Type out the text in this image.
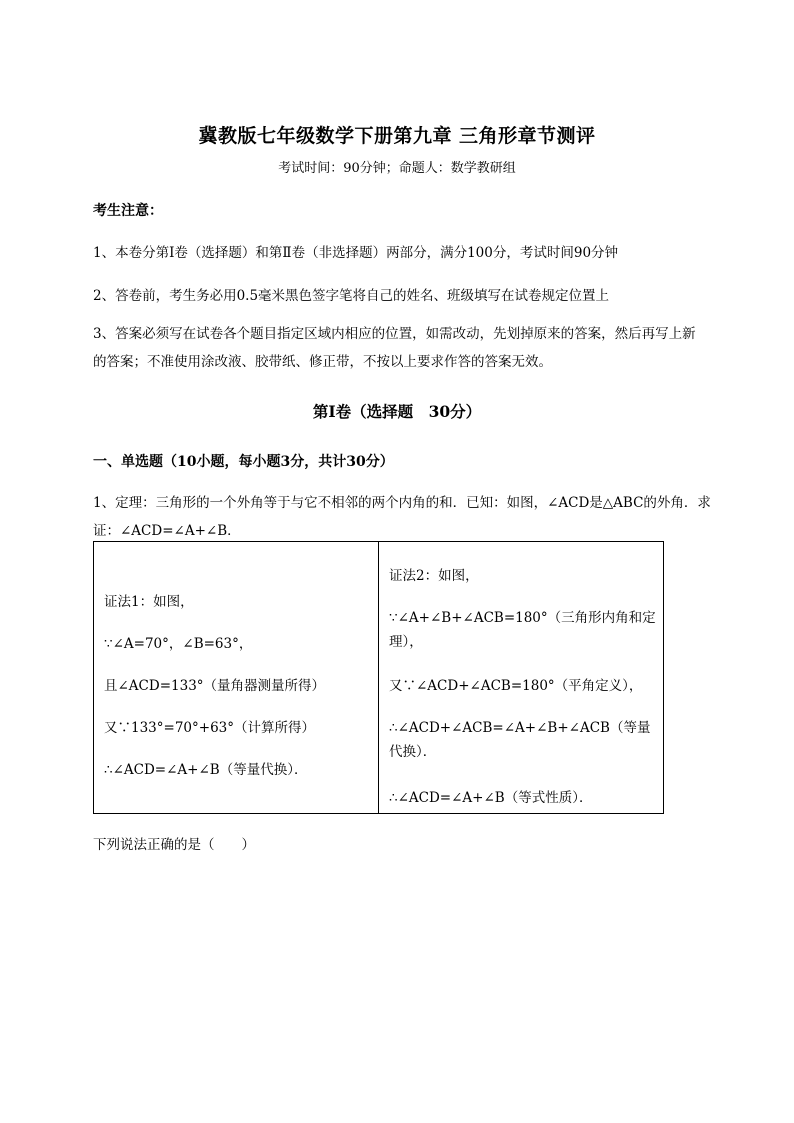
冀教版七年级数学下册第九章 三角形章节测评
考试时间：90分钟；命题人：数学教研组
考生注意：
1、本卷分第Ⅰ卷（选择题）和第Ⅱ卷（非选择题）两部分，满分100分，考试时间90分钟
2、答卷前，考生务必用0.5毫米黑色签字笔将自己的姓名、班级填写在试卷规定位置上
3、答案必须写在试卷各个题目指定区域内相应的位置，如需改动，先划掉原来的答案，然后再写上新的答案；不准使用涂改液、胶带纸、修正带，不按以上要求作答的答案无效。
第Ⅰ卷（选择题　30分）
一、单选题（10小题，每小题3分，共计30分）
1、定理：三角形的一个外角等于与它不相邻的两个内角的和．已知：如图，∠ACD是△ABC的外角．求证：∠ACD=∠A+∠B．
证法1：如图，
∵∠A=70°，∠B=63°，
且∠ACD=133°（量角器测量所得）
又∵133°=70°+63°（计算所得）
∴∠ACD=∠A+∠B（等量代换）．
证法2：如图，
∵∠A+∠B+∠ACB=180°（三角形内角和定理），
又∵∠ACD+∠ACB=180°（平角定义），
∴∠ACD+∠ACB=∠A+∠B+∠ACB（等量代换）．
∴∠ACD=∠A+∠B（等式性质）．
下列说法正确的是（　　）
